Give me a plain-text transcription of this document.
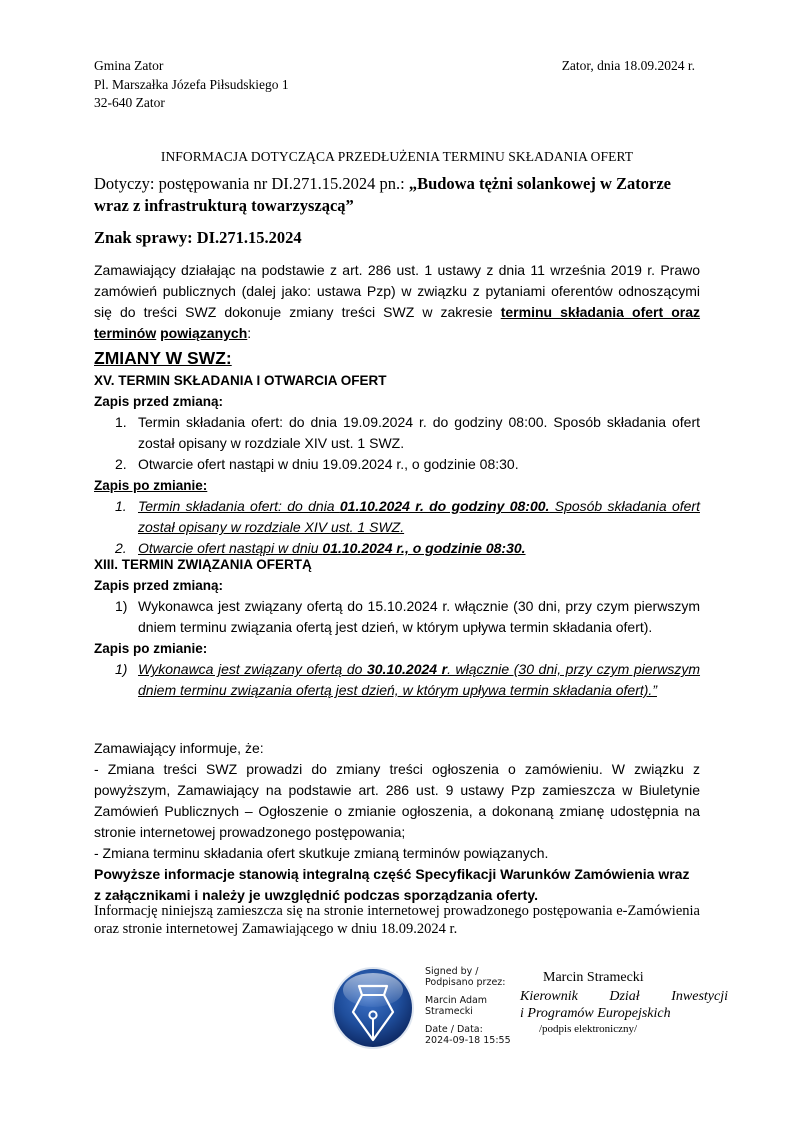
Gmina Zator
Pl. Marszałka Józefa Piłsudskiego 1
32-640 Zator
Zator, dnia 18.09.2024 r.
INFORMACJA DOTYCZĄCA PRZEDŁUŻENIA TERMINU SKŁADANIA OFERT
Dotyczy: postępowania nr DI.271.15.2024 pn.: „Budowa tężni solankowej w Zatorze wraz z infrastrukturą towarzyszącą”
Znak sprawy: DI.271.15.2024
Zamawiający działając na podstawie z art. 286 ust. 1 ustawy z dnia 11 września 2019 r. Prawo zamówień publicznych (dalej jako: ustawa Pzp) w związku z pytaniami oferentów odnoszącymi się do treści SWZ dokonuje zmiany treści SWZ w zakresie terminu składania ofert oraz terminów powiązanych:
ZMIANY W SWZ:
XV. TERMIN SKŁADANIA I OTWARCIA OFERT
Zapis przed zmianą:
1. Termin składania ofert: do dnia 19.09.2024 r. do godziny 08:00. Sposób składania ofert został opisany w rozdziale XIV ust. 1 SWZ.
2. Otwarcie ofert nastąpi w dniu 19.09.2024 r., o godzinie 08:30.
Zapis po zmianie:
1. Termin składania ofert: do dnia 01.10.2024 r. do godziny 08:00. Sposób składania ofert został opisany w rozdziale XIV ust. 1 SWZ.
2. Otwarcie ofert nastąpi w dniu 01.10.2024 r., o godzinie 08:30.
XIII. TERMIN ZWIĄZANIA OFERTĄ
Zapis przed zmianą:
1) Wykonawca jest związany ofertą do 15.10.2024 r. włącznie (30 dni, przy czym pierwszym dniem terminu związania ofertą jest dzień, w którym upływa termin składania ofert).
Zapis po zmianie:
1) Wykonawca jest związany ofertą do 30.10.2024 r. włącznie (30 dni, przy czym pierwszym dniem terminu związania ofertą jest dzień, w którym upływa termin składania ofert).”
Zamawiający informuje, że:
- Zmiana treści SWZ prowadzi do zmiany treści ogłoszenia o zamówieniu. W związku z powyższym, Zamawiający na podstawie art. 286 ust. 9 ustawy Pzp zamieszcza w Biuletynie Zamówień Publicznych – Ogłoszenie o zmianie ogłoszenia, a dokonaną zmianę udostępnia na stronie internetowej prowadzonego postępowania;
- Zmiana terminu składania ofert skutkuje zmianą terminów powiązanych.
Powyższe informacje stanowią integralną część Specyfikacji Warunków Zamówienia wraz z załącznikami i należy je uwzględnić podczas sporządzania oferty.
Informację niniejszą zamieszcza się na stronie internetowej prowadzonego postępowania e-Zamówienia oraz stronie internetowej Zamawiającego w dniu 18.09.2024 r.
Signed by /
Podpisano przez:
Marcin Adam
Stramecki
Date / Data:
2024-09-18 15:55
Marcin Stramecki
Kierownik Dział Inwestycji
i Programów Europejskich
/podpis elektroniczny/
